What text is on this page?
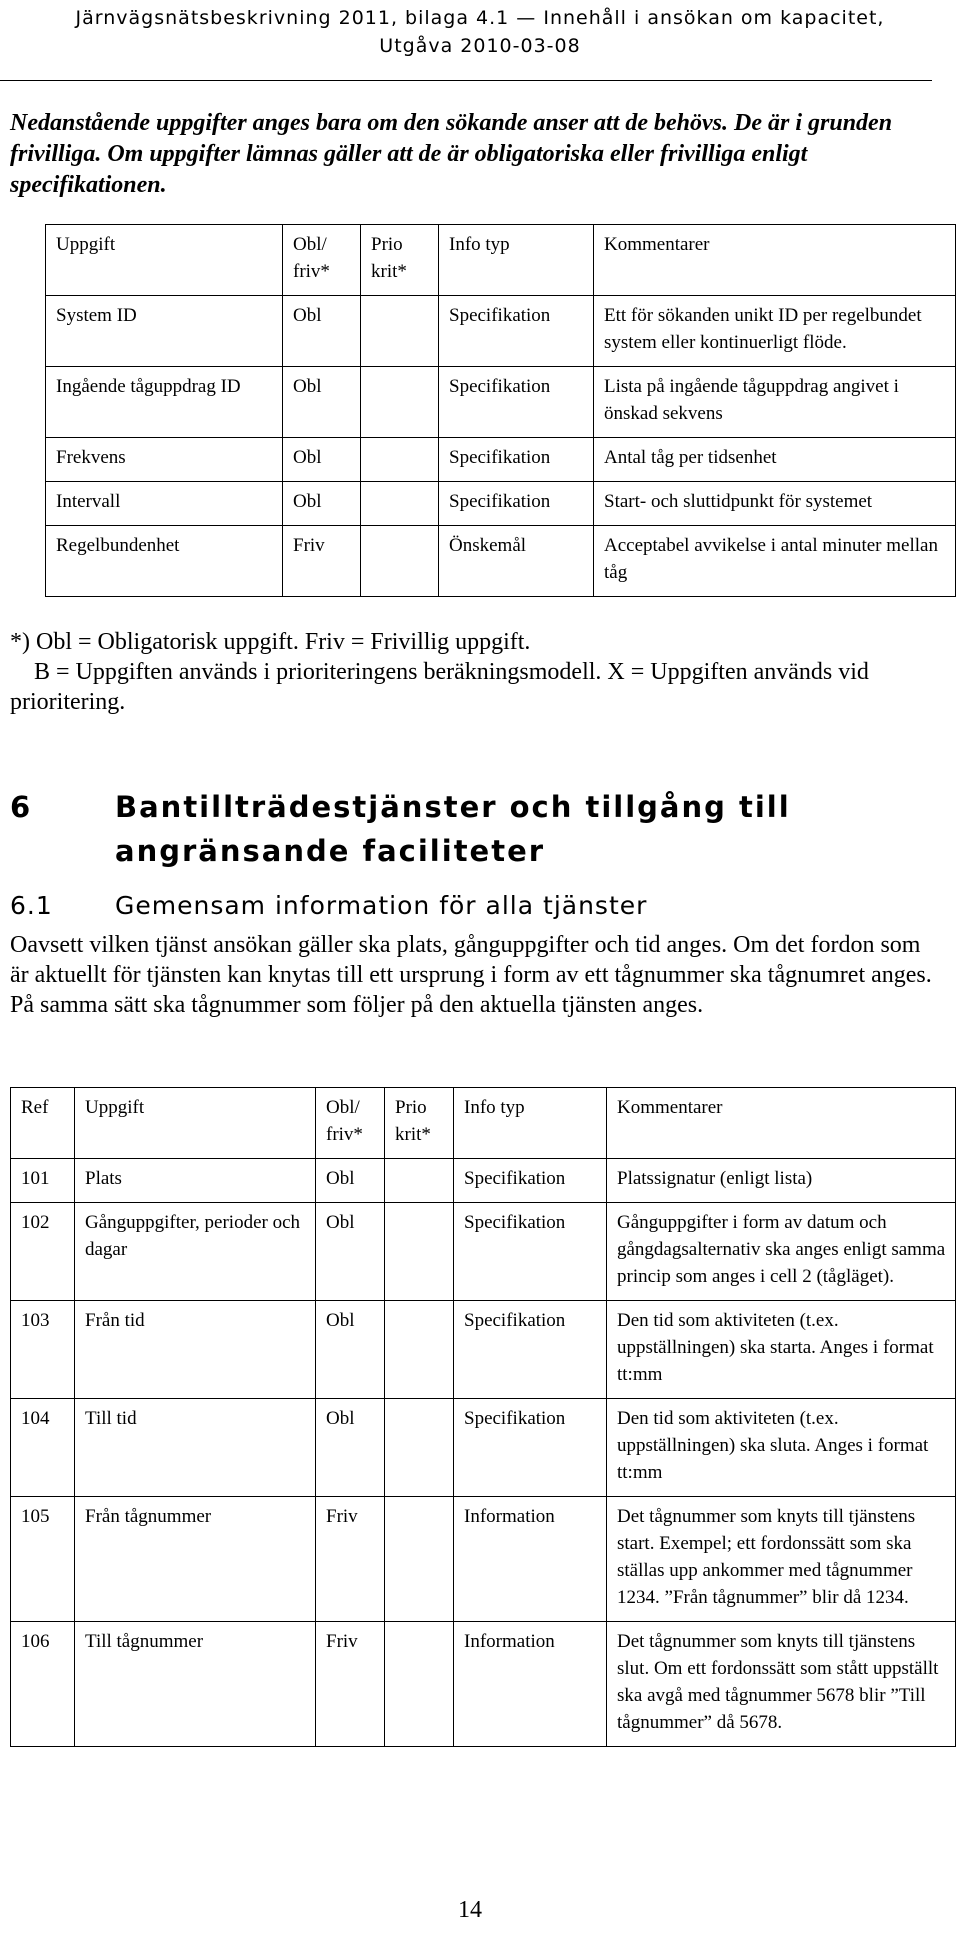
Järnvägsnätsbeskrivning 2011, bilaga 4.1 — Innehåll i ansökan om kapacitet,
Utgåva 2010-03-08
Nedanstående uppgifter anges bara om den sökande anser att de behövs. De är i grunden frivilliga. Om uppgifter lämnas gäller att de är obligatoriska eller frivilliga enligt specifikationen.
Uppgift	Obl/ friv*	Prio krit*	Info typ	Kommentarer
System ID	Obl		Specifikation	Ett för sökanden unikt ID per regelbundet system eller kontinuerligt flöde.
Ingående tåguppdrag ID	Obl		Specifikation	Lista på ingående tåguppdrag angivet i önskad sekvens
Frekvens	Obl		Specifikation	Antal tåg per tidsenhet
Intervall	Obl		Specifikation	Start- och sluttidpunkt för systemet
Regelbundenhet	Friv		Önskemål	Acceptabel avvikelse i antal minuter mellan tåg
*) Obl = Obligatorisk uppgift. Friv = Frivillig uppgift.
B = Uppgiften används i prioriteringens beräkningsmodell. X = Uppgiften används vid prioritering.
6	Bantillträdestjänster och tillgång till angränsande faciliteter
6.1 Gemensam information för alla tjänster
Oavsett vilken tjänst ansökan gäller ska plats, gånguppgifter och tid anges. Om det fordon som är aktuellt för tjänsten kan knytas till ett ursprung i form av ett tågnummer ska tågnumret anges. På samma sätt ska tågnummer som följer på den aktuella tjänsten anges.
Ref	Uppgift	Obl/ friv*	Prio krit*	Info typ	Kommentarer
101	Plats	Obl		Specifikation	Platssignatur (enligt lista)
102	Gånguppgifter, perioder och dagar	Obl		Specifikation	Gånguppgifter i form av datum och gångdagsalternativ ska anges enligt samma princip som anges i cell 2 (tågläget).
103	Från tid	Obl		Specifikation	Den tid som aktiviteten (t.ex. uppställningen) ska starta. Anges i format tt:mm
104	Till tid	Obl		Specifikation	Den tid som aktiviteten (t.ex. uppställningen) ska sluta. Anges i format tt:mm
105	Från tågnummer	Friv		Information	Det tågnummer som knyts till tjänstens start. Exempel; ett fordonssätt som ska ställas upp ankommer med tågnummer 1234. ”Från tågnummer” blir då 1234.
106	Till tågnummer	Friv		Information	Det tågnummer som knyts till tjänstens slut. Om ett fordonssätt som stått uppställt ska avgå med tågnummer 5678 blir ”Till tågnummer” då 5678.
14
